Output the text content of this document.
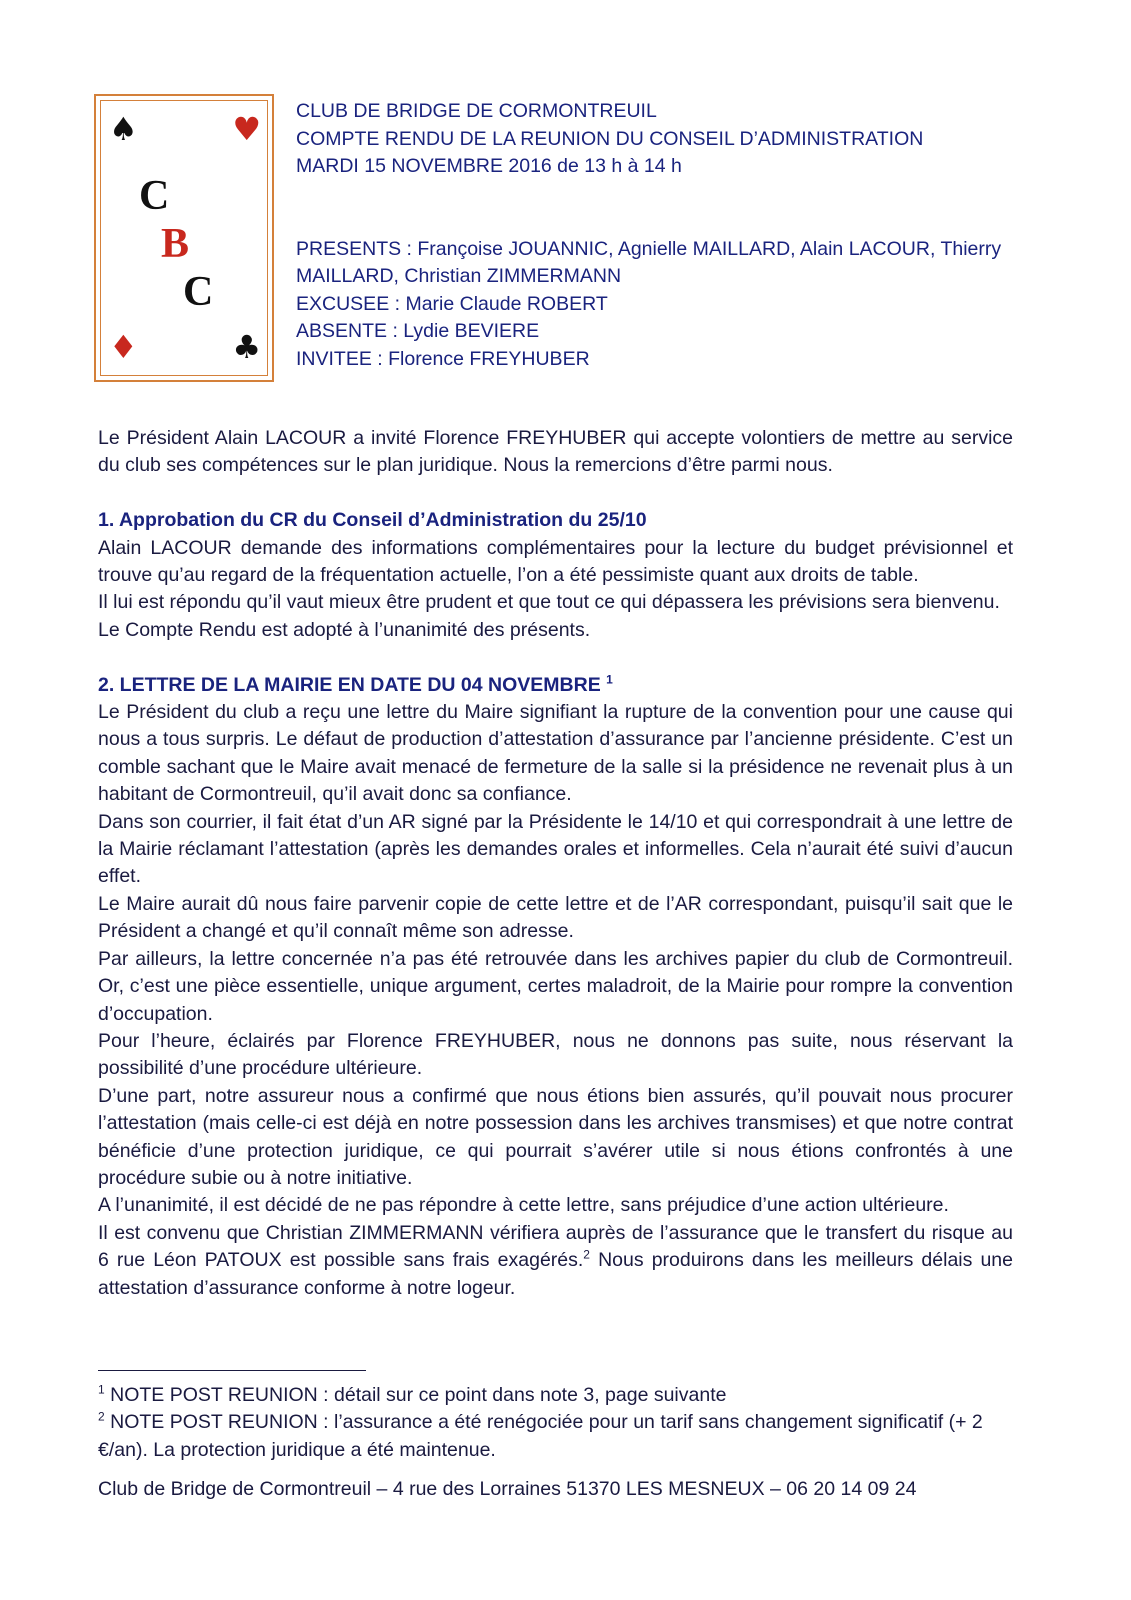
♠	♥
C
B
C
♦	♣

CLUB DE BRIDGE DE CORMONTREUIL

COMPTE RENDU DE LA REUNION DU CONSEIL D’ADMINISTRATION

MARDI 15 NOVEMBRE 2016 de 13 h à 14 h

PRESENTS : Françoise JOUANNIC, Agnielle MAILLARD, Alain LACOUR, Thierry MAILLARD, Christian ZIMMERMANN

EXCUSEE : Marie Claude ROBERT

ABSENTE : Lydie BEVIERE

INVITEE : Florence FREYHUBER

Le Président Alain LACOUR a invité Florence FREYHUBER qui accepte volontiers de mettre au service du club ses compétences sur le plan juridique. Nous la remercions d’être parmi nous.

1. Approbation du CR du Conseil d’Administration du 25/10

Alain LACOUR demande des informations complémentaires pour la lecture du budget prévisionnel et trouve qu’au regard de la fréquentation actuelle, l’on a été pessimiste quant aux droits de table.

Il lui est répondu qu’il vaut mieux être prudent et que tout ce qui dépassera les prévisions sera bienvenu.

Le Compte Rendu est adopté à l’unanimité des présents.

2. LETTRE DE LA MAIRIE EN DATE DU 04 NOVEMBRE $^1$

Le Président du club a reçu une lettre du Maire signifiant la rupture de la convention pour une cause qui nous a tous surpris. Le défaut de production d’attestation d’assurance par l’ancienne présidente. C’est un comble sachant que le Maire avait menacé de fermeture de la salle si la présidence ne revenait plus à un habitant de Cormontreuil, qu’il avait donc sa confiance.

Dans son courrier, il fait état d’un AR signé par la Présidente le 14/10 et qui correspondrait à une lettre de la Mairie réclamant l’attestation (après les demandes orales et informelles. Cela n’aurait été suivi d’aucun effet.

Le Maire aurait dû nous faire parvenir copie de cette lettre et de l’AR correspondant, puisqu’il sait que le Président a changé et qu’il connaît même son adresse.

Par ailleurs, la lettre concernée n’a pas été retrouvée dans les archives papier du club de Cormontreuil. Or, c’est une pièce essentielle, unique argument, certes maladroit, de la Mairie pour rompre la convention d’occupation.

Pour l’heure, éclairés par Florence FREYHUBER, nous ne donnons pas suite, nous réservant la possibilité d’une procédure ultérieure.

D’une part, notre assureur nous a confirmé que nous étions bien assurés, qu’il pouvait nous procurer l’attestation (mais celle-ci est déjà en notre possession dans les archives transmises) et que notre contrat bénéficie d’une protection juridique, ce qui pourrait s’avérer utile si nous étions confrontés à une procédure subie ou à notre initiative.

A l’unanimité, il est décidé de ne pas répondre à cette lettre, sans préjudice d’une action ultérieure.

Il est convenu que Christian ZIMMERMANN vérifiera auprès de l’assurance que le transfert du risque au 6 rue Léon PATOUX est possible sans frais exagérés.$^2$ Nous produirons dans les meilleurs délais une attestation d’assurance conforme à notre logeur.

$^1$ NOTE POST REUNION : détail sur ce point dans note 3, page suivante

$^2$ NOTE POST REUNION : l’assurance a été renégociée pour un tarif sans changement significatif (+ 2 €/an). La protection juridique a été maintenue.

Club de Bridge de Cormontreuil – 4 rue des Lorraines 51370 LES MESNEUX – 06 20 14 09 24
